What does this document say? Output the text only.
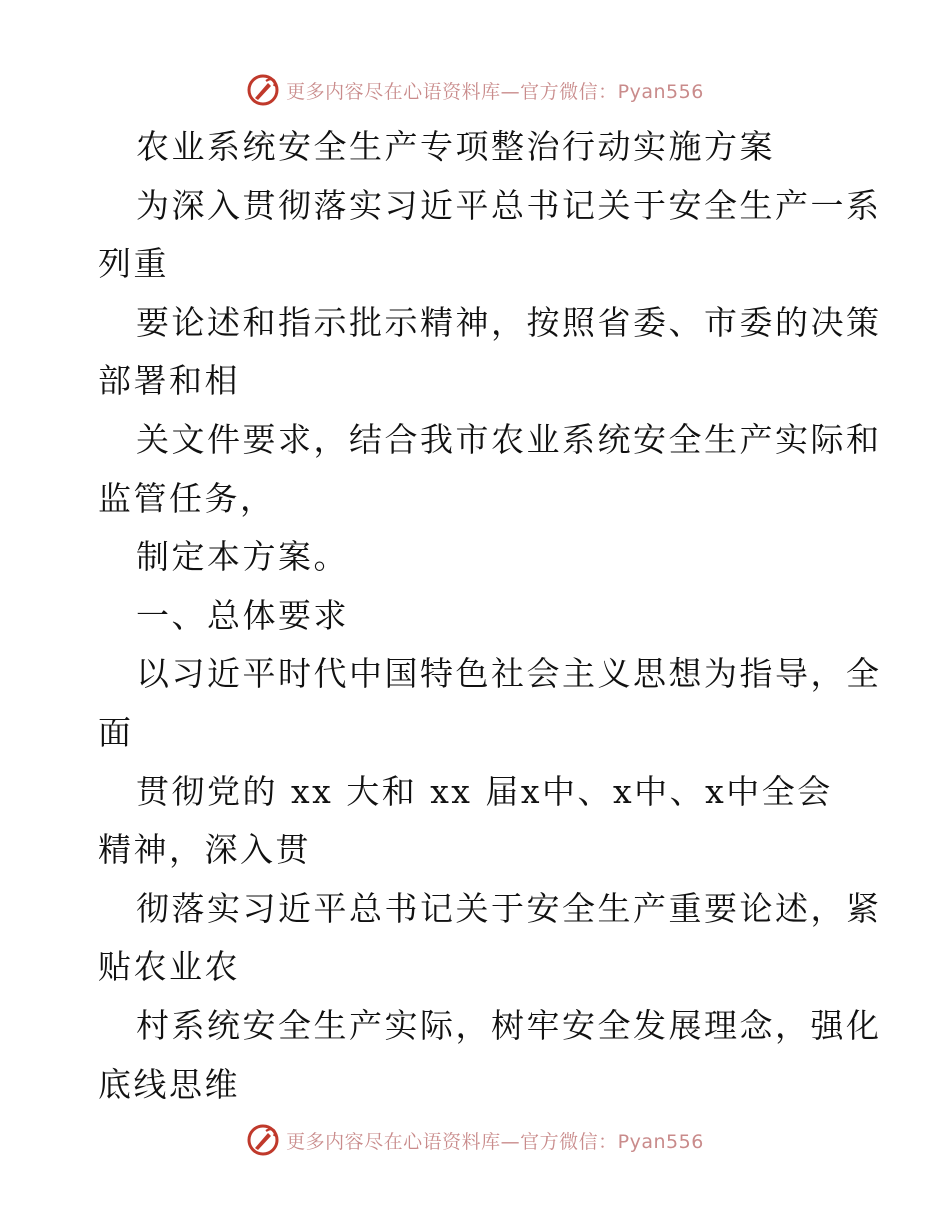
更多内容尽在心语资料库—官方微信：Pyan556
农业系统安全生产专项整治行动实施方案
为深入贯彻落实习近平总书记关于安全生产一系
列重
要论述和指示批示精神，按照省委、市委的决策
部署和相
关文件要求，结合我市农业系统安全生产实际和
监管任务，
制定本方案。
一、总体要求
以习近平时代中国特色社会主义思想为指导，全
面
贯彻党的 xx 大和 xx 届x中、x中、x中全会
精神，深入贯
彻落实习近平总书记关于安全生产重要论述，紧
贴农业农
村系统安全生产实际，树牢安全发展理念，强化
底线思维
更多内容尽在心语资料库—官方微信：Pyan556
